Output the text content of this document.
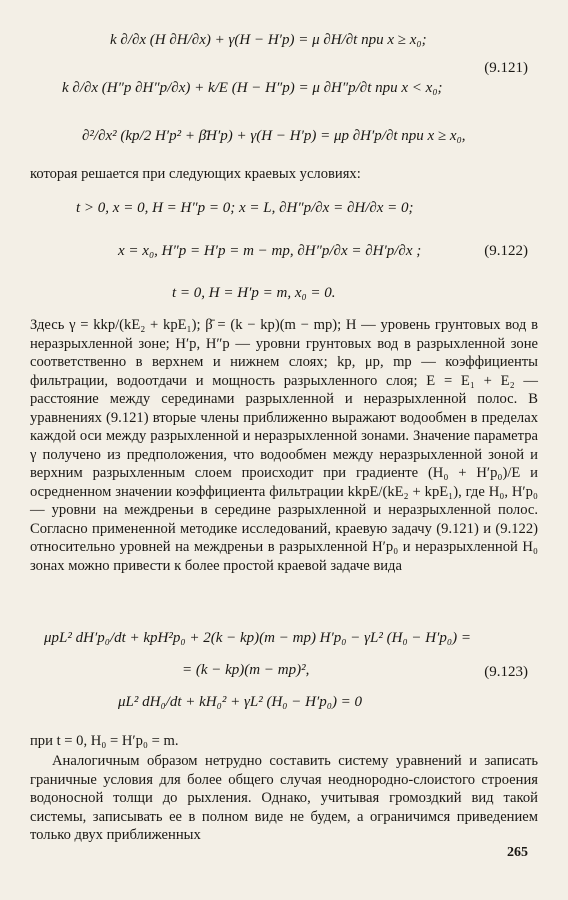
k ∂/∂x (H ∂H/∂x) + γ(H − H′p) = μ ∂H/∂t при x ≥ x₀;
k ∂/∂x (H″p ∂H″p/∂x) + k/E (H − H″p) = μ ∂H″p/∂t при x < x₀;
∂²/∂x² (kp/2 H′p² + β̄H′p) + γ(H − H′p) = μp ∂H′p/∂t при x ≥ x₀,
(9.121)
которая решается при следующих краевых условиях:
t > 0, x = 0, H = H″p = 0; x = L, ∂H″p/∂x = ∂H/∂x = 0;
x = x₀, H″p = H′p = m − mp, ∂H″p/∂x = ∂H′p/∂x ;
t = 0, H = H′p = m, x₀ = 0.
(9.122)
Здесь γ = kkp/(kE₂ + kpE₁); β̄ = (k − kp)(m − mp); H — уровень грунтовых вод в неразрыхленной зоне; H′p, H″p — уровни грунтовых вод в разрыхленной зоне соответственно в верхнем и нижнем слоях; kp, μp, mp — коэффициенты фильтрации, водоотдачи и мощность разрыхленного слоя; E = E₁ + E₂ — расстояние между серединами разрыхленной и неразрыхленной полос. В уравнениях (9.121) вторые члены приближенно выражают водообмен в пределах каждой оси между разрыхленной и неразрыхленной зонами. Значение параметра γ получено из предположения, что водообмен между неразрыхленной зоной и верхним разрыхленным слоем происходит при градиенте (H₀ + H′p₀)/E и осредненном значении коэффициента фильтрации kkpE/(kE₂ + kpE₁), где H₀, H′p₀ — уровни на междреньи в середине разрыхленной и неразрыхленной полос. Согласно примененной методике исследований, краевую задачу (9.121) и (9.122) относительно уровней на междреньи в разрыхленной H′p₀ и неразрыхленной H₀ зонах можно привести к более простой краевой задаче вида
μpL² dH′p₀/dt + kpH²p₀ + 2(k − kp)(m − mp) H′p₀ − γL² (H₀ − H′p₀) =
= (k − kp)(m − mp)²,
μL² dH₀/dt + kH₀² + γL² (H₀ − H′p₀) = 0
(9.123)
при t = 0, H₀ = H′p₀ = m.
Аналогичным образом нетрудно составить систему уравнений и записать граничные условия для более общего случая неоднородно-слоистого строения водоносной толщи до рыхления. Однако, учитывая громоздкий вид такой системы, записывать ее в полном виде не будем, а ограничимся приведением только двух приближенных
265
